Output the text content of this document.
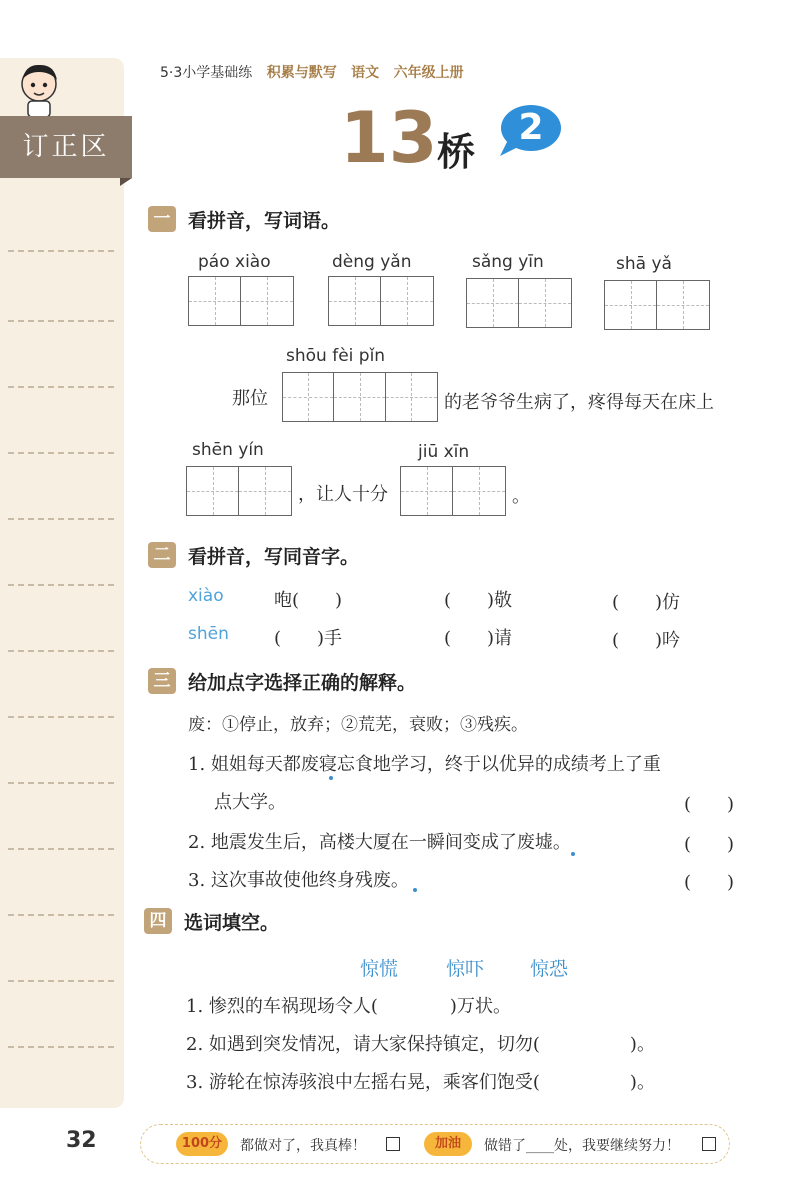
订正区
5·3小学基础练 积累与默写 语文 六年级上册
13 桥
2
一 看拼音，写词语。
páo xiào	dèng yǎn	sǎng yīn	shā yǎ
shōu fèi pǐn
那位	的老爷爷生病了，疼得每天在床上
shēn yín
，让人十分
jiū xīn
。
二 看拼音，写同音字。
xiào	咆(　　)	(　　)敬	(　　)仿
shēn	(　　)手	(　　)请	(　　)吟
三 给加点字选择正确的解释。
废：①停止，放弃；②荒芜，衰败；③残疾。
1. 姐姐每天都废寝忘食地学习，终于以优异的成绩考上了重
点大学。	(　　)
2. 地震发生后，高楼大厦在一瞬间变成了废墟。	(　　)
3. 这次事故使他终身残废。	(　　)
四 选词填空。
惊慌	惊吓 惊恐
1. 惨烈的车祸现场令人(　　　　)万状。
2. 如遇到突发情况，请大家保持镇定，切勿(　　　　　)。
3. 游轮在惊涛骇浪中左摇右晃，乘客们饱受(　　　　　)。
32	100分	都做对了，我真棒！	加油	做错了____处，我要继续努力！
